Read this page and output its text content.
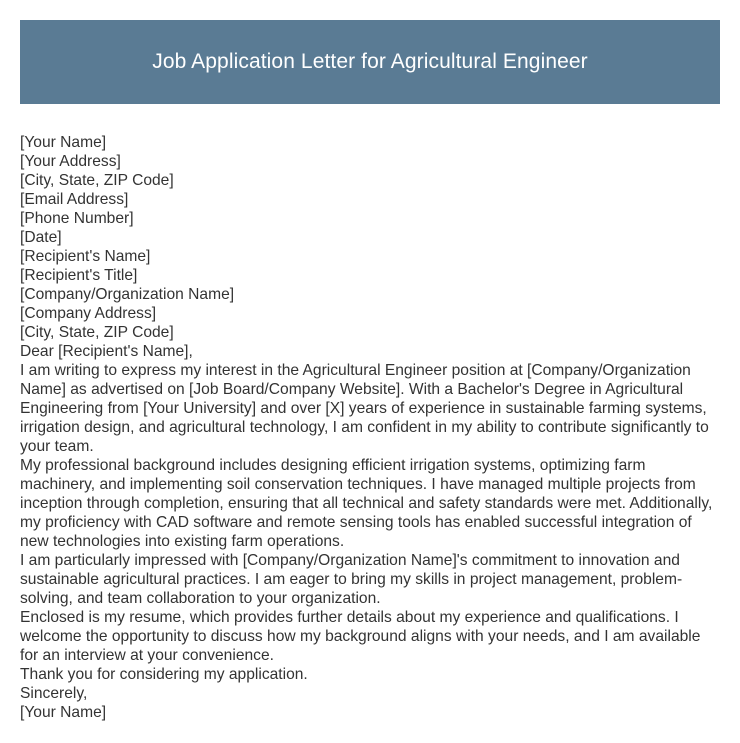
Job Application Letter for Agricultural Engineer
[Your Name]
[Your Address]
[City, State, ZIP Code]
[Email Address]
[Phone Number]
[Date]
[Recipient's Name]
[Recipient's Title]
[Company/Organization Name]
[Company Address]
[City, State, ZIP Code]
Dear [Recipient's Name],
I am writing to express my interest in the Agricultural Engineer position at [Company/Organization Name] as advertised on [Job Board/Company Website]. With a Bachelor's Degree in Agricultural Engineering from [Your University] and over [X] years of experience in sustainable farming systems, irrigation design, and agricultural technology, I am confident in my ability to contribute significantly to your team.
My professional background includes designing efficient irrigation systems, optimizing farm machinery, and implementing soil conservation techniques. I have managed multiple projects from inception through completion, ensuring that all technical and safety standards were met. Additionally, my proficiency with CAD software and remote sensing tools has enabled successful integration of new technologies into existing farm operations.
I am particularly impressed with [Company/Organization Name]'s commitment to innovation and sustainable agricultural practices. I am eager to bring my skills in project management, problem-solving, and team collaboration to your organization.
Enclosed is my resume, which provides further details about my experience and qualifications. I welcome the opportunity to discuss how my background aligns with your needs, and I am available for an interview at your convenience.
Thank you for considering my application.
Sincerely,
[Your Name]
